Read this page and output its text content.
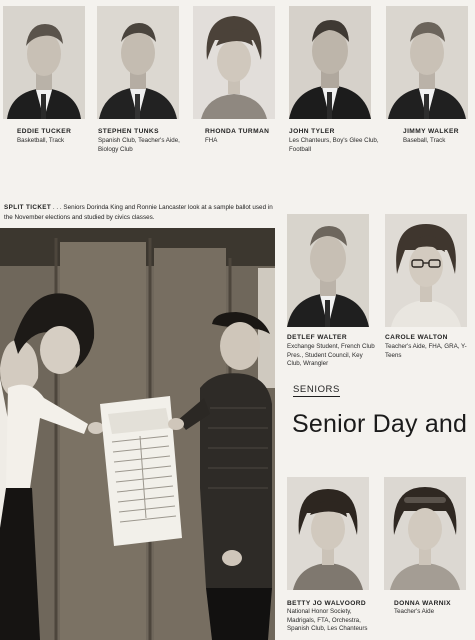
EDDIE TUCKER
Basketball, Track
STEPHEN TUNKS
Spanish Club, Teacher's Aide, Biology Club
RHONDA TURMAN
FHA
JOHN TYLER
Les Chanteurs, Boy's Glee Club, Football
JIMMY WALKER
Baseball, Track
SPLIT TICKET . . . Seniors Dorinda King and Ronnie Lancaster look at a sample ballot used in the November elections and studied by civics classes.
DETLEF WALTER
Exchange Student, French Club Pres., Student Council, Key Club, Wrangler
CAROLE WALTON
Teacher's Aide, FHA, GRA, Y-Teens
SENIORS
Senior Day and
BETTY JO WALVOORD
National Honor Society, Madrigals, FTA, Orchestra, Spanish Club, Les Chanteurs
DONNA WARNIX
Teacher's Aide
